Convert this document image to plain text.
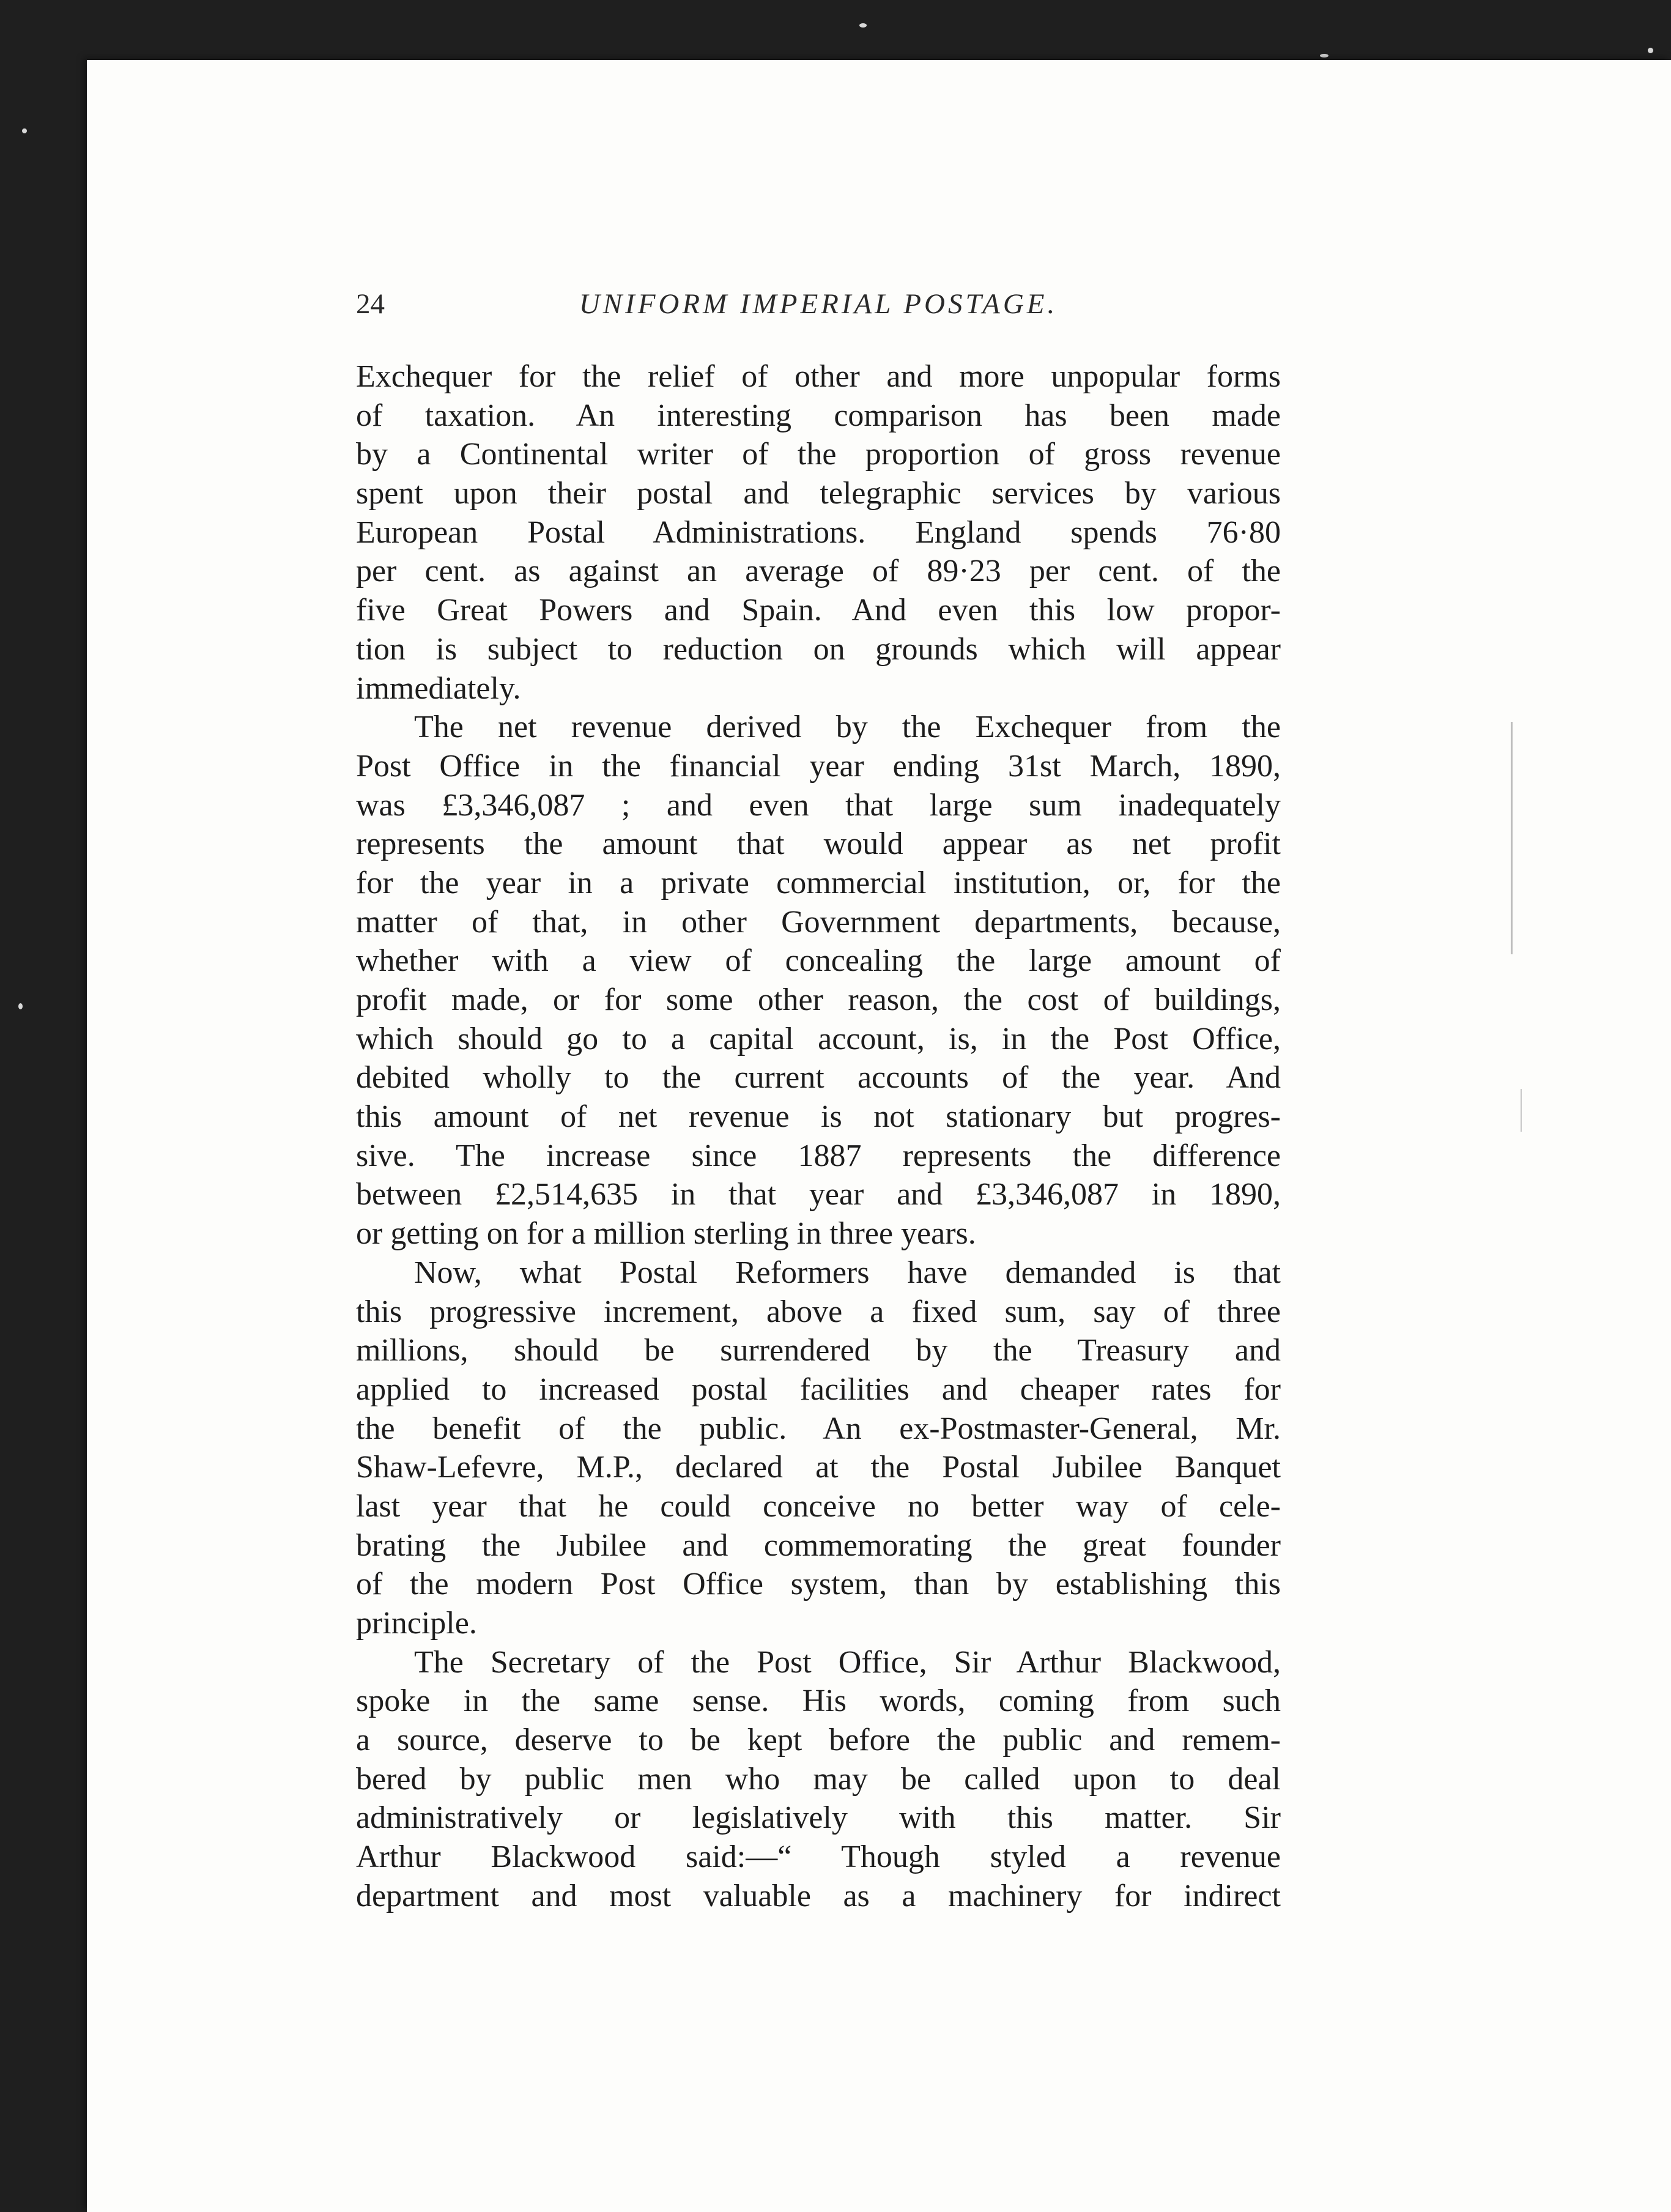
24	UNIFORM IMPERIAL POSTAGE.
Exchequer for the relief of other and more unpopular forms
of taxation. An interesting comparison has been made
by a Continental writer of the proportion of gross revenue
spent upon their postal and telegraphic services by various
European Postal Administrations. England spends 76·80
per cent. as against an average of 89·23 per cent. of the
five Great Powers and Spain. And even this low propor-
tion is subject to reduction on grounds which will appear
immediately.
The net revenue derived by the Exchequer from the
Post Office in the financial year ending 31st March, 1890,
was £3,346,087 ; and even that large sum inadequately
represents the amount that would appear as net profit
for the year in a private commercial institution, or, for the
matter of that, in other Government departments, because,
whether with a view of concealing the large amount of
profit made, or for some other reason, the cost of buildings,
which should go to a capital account, is, in the Post Office,
debited wholly to the current accounts of the year. And
this amount of net revenue is not stationary but progres-
sive. The increase since 1887 represents the difference
between £2,514,635 in that year and £3,346,087 in 1890,
or getting on for a million sterling in three years.
Now, what Postal Reformers have demanded is that
this progressive increment, above a fixed sum, say of three
millions, should be surrendered by the Treasury and
applied to increased postal facilities and cheaper rates for
the benefit of the public. An ex-Postmaster-General, Mr.
Shaw-Lefevre, M.P., declared at the Postal Jubilee Banquet
last year that he could conceive no better way of cele-
brating the Jubilee and commemorating the great founder
of the modern Post Office system, than by establishing this
principle.
The Secretary of the Post Office, Sir Arthur Blackwood,
spoke in the same sense. His words, coming from such
a source, deserve to be kept before the public and remem-
bered by public men who may be called upon to deal
administratively or legislatively with this matter. Sir
Arthur Blackwood said:—“ Though styled a revenue
department and most valuable as a machinery for indirect
